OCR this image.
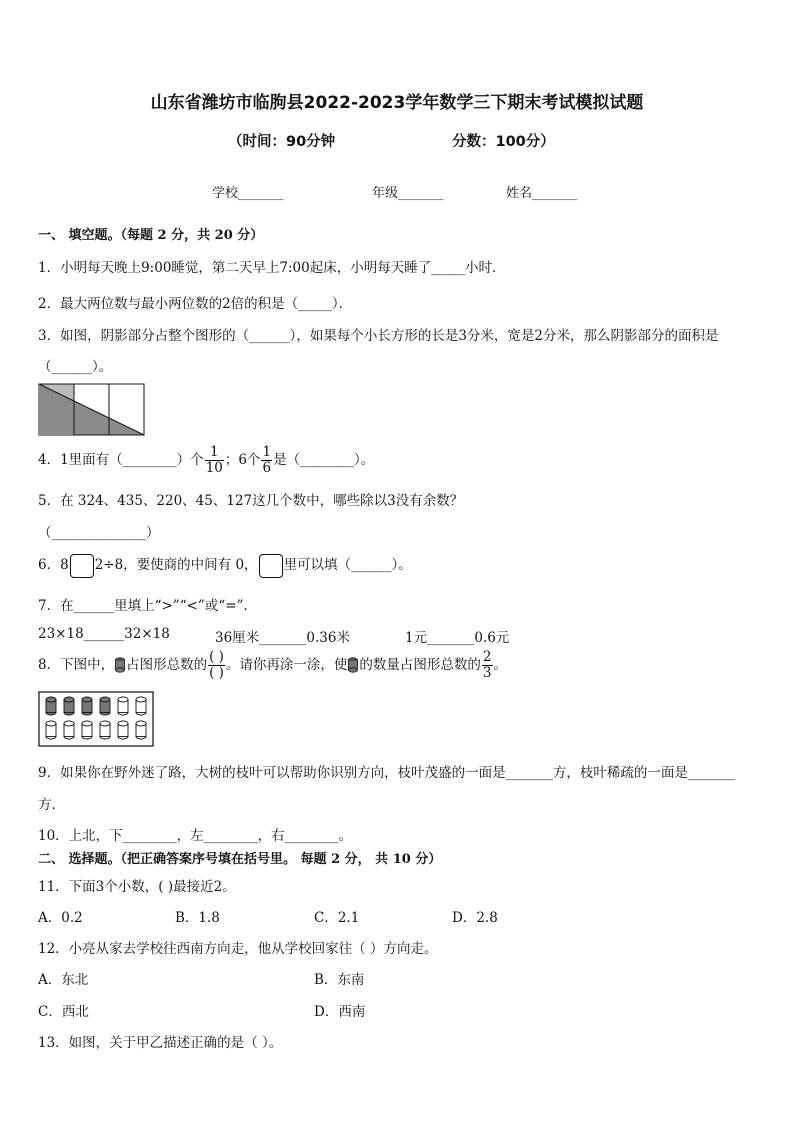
山东省潍坊市临朐县2022-2023学年数学三下期末考试模拟试题
（时间：90分钟	分数：100分）
学校_______	年级_______	姓名_______
一、 填空题。（每题 2 分，共 20 分）
1．小明每天晚上9:00睡觉，第二天早上7:00起床，小明每天睡了_____小时．
2．最大两位数与最小两位数的2倍的积是（_____）．
3．如图，阴影部分占整个图形的（______），如果每个小长方形的长是3分米，宽是2分米，那么阴影部分的面积是
（______）。
4．1里面有（________）个 $\frac{1}{10}$ ；6个 $\frac{1}{6}$ 是（________）。
5．在 324、435、220、45、127这几个数中，哪些除以3没有余数？
（______________）
6．8 2÷8，要使商的中间有 0， 里可以填（______）。
7．在______里填上“>”“<”或“=”.
23×18______32×18	36厘米_______0.36米	1元_______0.6元
8．下图中， 占图形总数的 $\frac{( )}{( )}$ 。请你再涂一涂，使 的数量占图形总数的 $\frac{2}{3}$ 。
9．如果你在野外迷了路，大树的枝叶可以帮助你识别方向，枝叶茂盛的一面是_______方，枝叶稀疏的一面是_______
方．
10．上北，下________，左________，右________。
二、 选择题。（把正确答案序号填在括号里。 每题 2 分， 共 10 分）
11．下面3个小数，( )最接近2。
A．0.2	B．1.8	C．2.1	D．2.8
12．小亮从家去学校往西南方向走，他从学校回家往（ ）方向走。
A．东北	B．东南
C．西北	D．西南
13．如图，关于甲乙描述正确的是（ ）。
